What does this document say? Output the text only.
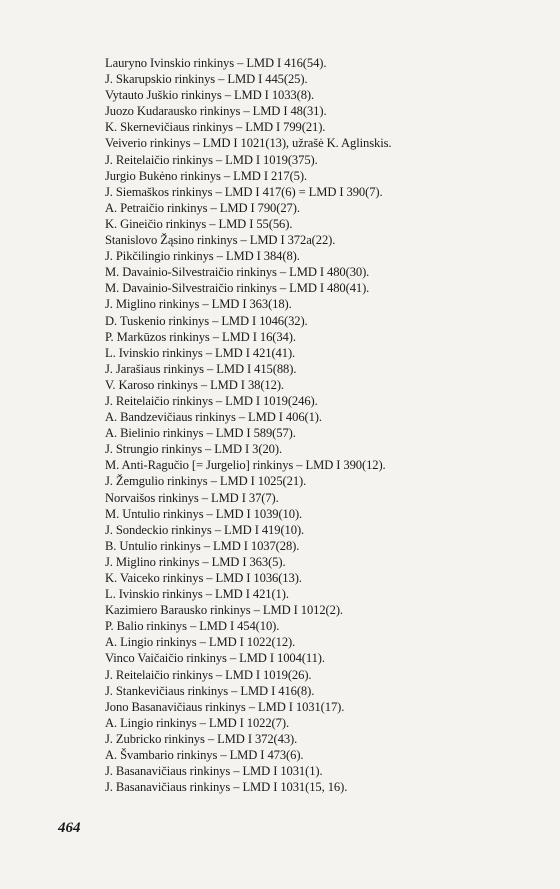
Lauryno Ivinskio rinkinys – LMD I 416(54).
J. Skarupskio rinkinys – LMD I 445(25).
Vytauto Juškio rinkinys – LMD I 1033(8).
Juozo Kudarausko rinkinys – LMD I 48(31).
K. Skernevičiaus rinkinys – LMD I 799(21).
Veiverio rinkinys – LMD I 1021(13), užrašė K. Aglinskis.
J. Reitelaičio rinkinys – LMD I 1019(375).
Jurgio Bukėno rinkinys – LMD I 217(5).
J. Siemaškos rinkinys – LMD I 417(6) = LMD I 390(7).
A. Petraičio rinkinys – LMD I 790(27).
K. Gineičio rinkinys – LMD I 55(56).
Stanislovo Žąsino rinkinys – LMD I 372a(22).
J. Pikčilingio rinkinys – LMD I 384(8).
M. Davainio-Silvestraičio rinkinys – LMD I 480(30).
M. Davainio-Silvestraičio rinkinys – LMD I 480(41).
J. Miglino rinkinys – LMD I 363(18).
D. Tuskenio rinkinys – LMD I 1046(32).
P. Markūzos rinkinys – LMD I 16(34).
L. Ivinskio rinkinys – LMD I 421(41).
J. Jarašiaus rinkinys – LMD I 415(88).
V. Karoso rinkinys – LMD I 38(12).
J. Reitelaičio rinkinys – LMD I 1019(246).
A. Bandzevičiaus rinkinys – LMD I 406(1).
A. Bielinio rinkinys – LMD I 589(57).
J. Strungio rinkinys – LMD I 3(20).
M. Anti-Ragučio [= Jurgelio] rinkinys – LMD I 390(12).
J. Žemgulio rinkinys – LMD I 1025(21).
Norvaišos rinkinys – LMD I 37(7).
M. Untulio rinkinys – LMD I 1039(10).
J. Sondeckio rinkinys – LMD I 419(10).
B. Untulio rinkinys – LMD I 1037(28).
J. Miglino rinkinys – LMD I 363(5).
K. Vaiceko rinkinys – LMD I 1036(13).
L. Ivinskio rinkinys – LMD I 421(1).
Kazimiero Barausko rinkinys – LMD I 1012(2).
P. Balio rinkinys – LMD I 454(10).
A. Lingio rinkinys – LMD I 1022(12).
Vinco Vaičaičio rinkinys – LMD I 1004(11).
J. Reitelaičio rinkinys – LMD I 1019(26).
J. Stankevičiaus rinkinys – LMD I 416(8).
Jono Basanavičiaus rinkinys – LMD I 1031(17).
A. Lingio rinkinys – LMD I 1022(7).
J. Zubricko rinkinys – LMD I 372(43).
A. Švambario rinkinys – LMD I 473(6).
J. Basanavičiaus rinkinys – LMD I 1031(1).
J. Basanavičiaus rinkinys – LMD I 1031(15, 16).
464
